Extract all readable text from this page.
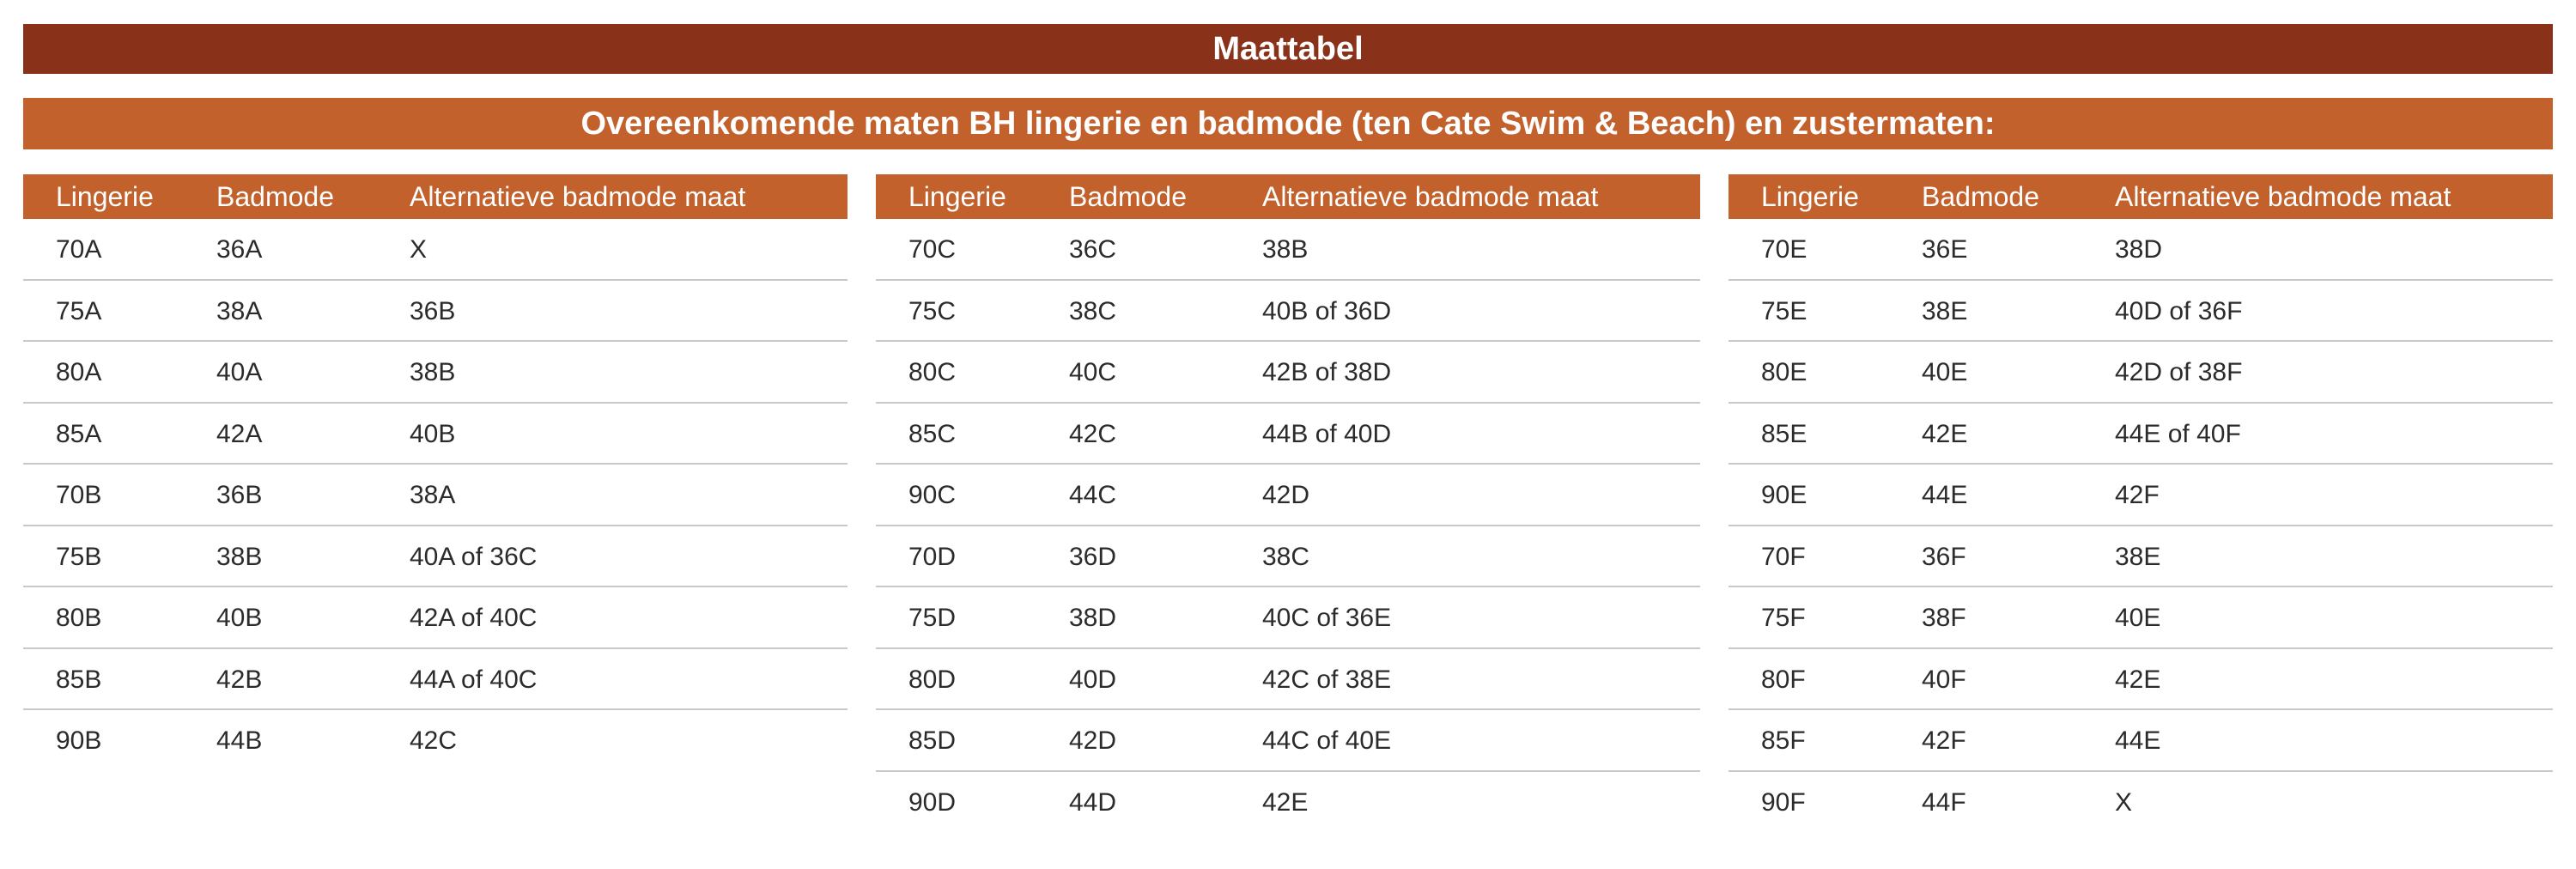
Maattabel
Overeenkomende maten BH lingerie en badmode (ten Cate Swim & Beach) en zustermaten:
Lingerie Badmode	Alternatieve badmode maat
70A	36A	X
75A	38A	36B
80A	40A	38B
85A	42A	40B
70B	36B	38A
75B	38B	40A of 36C
80B	40B	42A of 40C
85B	42B	44A of 40C
90B	44B	42C
Lingerie Badmode	Alternatieve badmode maat
70C	36C	38B
75C	38C	40B of 36D
80C	40C	42B of 38D
85C	42C	44B of 40D
90C	44C	42D
70D	36D	38C
75D	38D	40C of 36E
80D	40D	42C of 38E
85D	42D	44C of 40E
90D	44D	42E
Lingerie Badmode	Alternatieve badmode maat
70E	36E	38D
75E	38E	40D of 36F
80E	40E	42D of 38F
85E	42E	44E of 40F
90E	44E	42F
70F	36F	38E
75F	38F	40E
80F	40F	42E
85F	42F	44E
90F	44F	X
